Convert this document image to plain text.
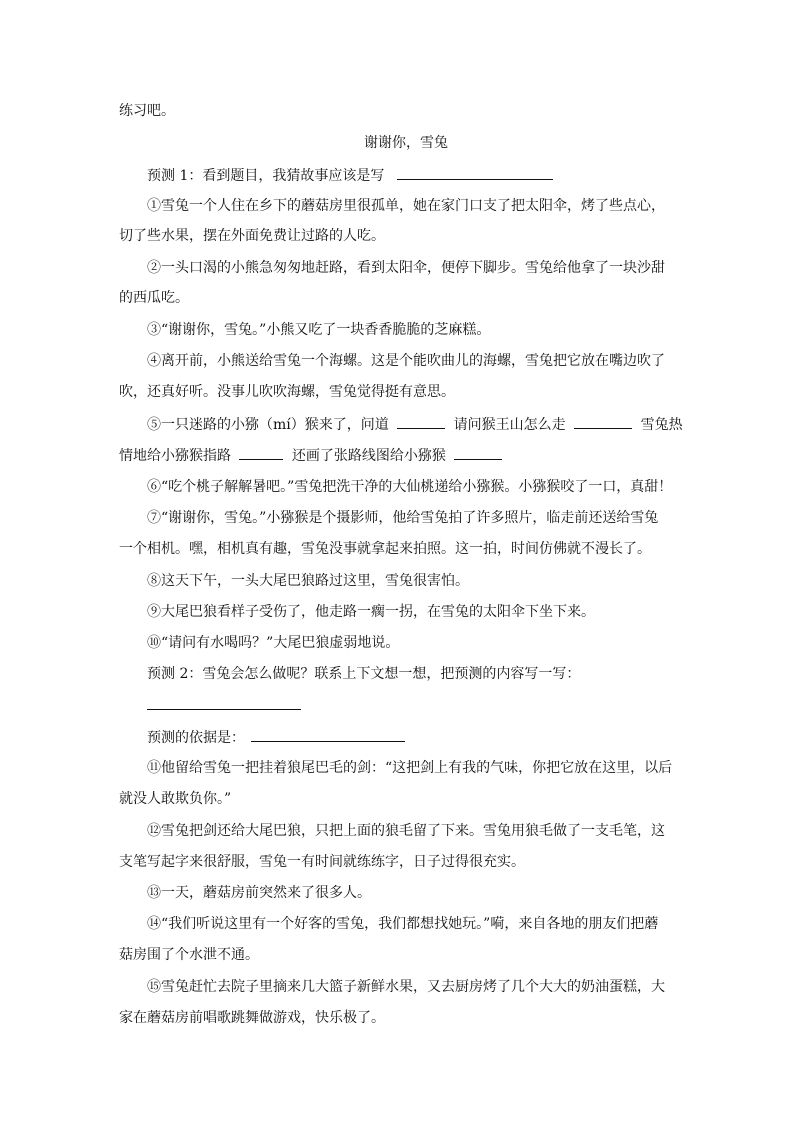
练习吧。
谢谢你，雪兔
预测 1：看到题目，我猜故事应该是写
①雪兔一个人住在乡下的蘑菇房里很孤单，她在家门口支了把太阳伞，烤了些点心，
切了些水果，摆在外面免费让过路的人吃。
②一头口渴的小熊急匆匆地赶路，看到太阳伞，便停下脚步。雪兔给他拿了一块沙甜
的西瓜吃。
③“谢谢你，雪兔。”小熊又吃了一块香香脆脆的芝麻糕。
④离开前，小熊送给雪兔一个海螺。这是个能吹曲儿的海螺，雪兔把它放在嘴边吹了
吹，还真好听。没事儿吹吹海螺，雪兔觉得挺有意思。
⑤一只迷路的小猕（mí）猴来了，问道	请问猴王山怎么走	雪兔热
情地给小猕猴指路	还画了张路线图给小猕猴
⑥“吃个桃子解解暑吧。”雪兔把洗干净的大仙桃递给小猕猴。小猕猴咬了一口，真甜！
⑦“谢谢你，雪兔。”小猕猴是个摄影师，他给雪兔拍了许多照片，临走前还送给雪兔
一个相机。嘿，相机真有趣，雪兔没事就拿起来拍照。这一拍，时间仿佛就不漫长了。
⑧这天下午，一头大尾巴狼路过这里，雪兔很害怕。
⑨大尾巴狼看样子受伤了，他走路一瘸一拐，在雪兔的太阳伞下坐下来。
⑩“请问有水喝吗？”大尾巴狼虚弱地说。
预测 2：雪兔会怎么做呢？联系上下文想一想，把预测的内容写一写：
预测的依据是：
⑪他留给雪兔一把挂着狼尾巴毛的剑：“这把剑上有我的气味，你把它放在这里，以后
就没人敢欺负你。”
⑫雪兔把剑还给大尾巴狼，只把上面的狼毛留了下来。雪兔用狼毛做了一支毛笔，这
支笔写起字来很舒服，雪兔一有时间就练练字，日子过得很充实。
⑬一天，蘑菇房前突然来了很多人。
⑭“我们听说这里有一个好客的雪兔，我们都想找她玩。”嗬，来自各地的朋友们把蘑
菇房围了个水泄不通。
⑮雪兔赶忙去院子里摘来几大篮子新鲜水果，又去厨房烤了几个大大的奶油蛋糕，大
家在蘑菇房前唱歌跳舞做游戏，快乐极了。
